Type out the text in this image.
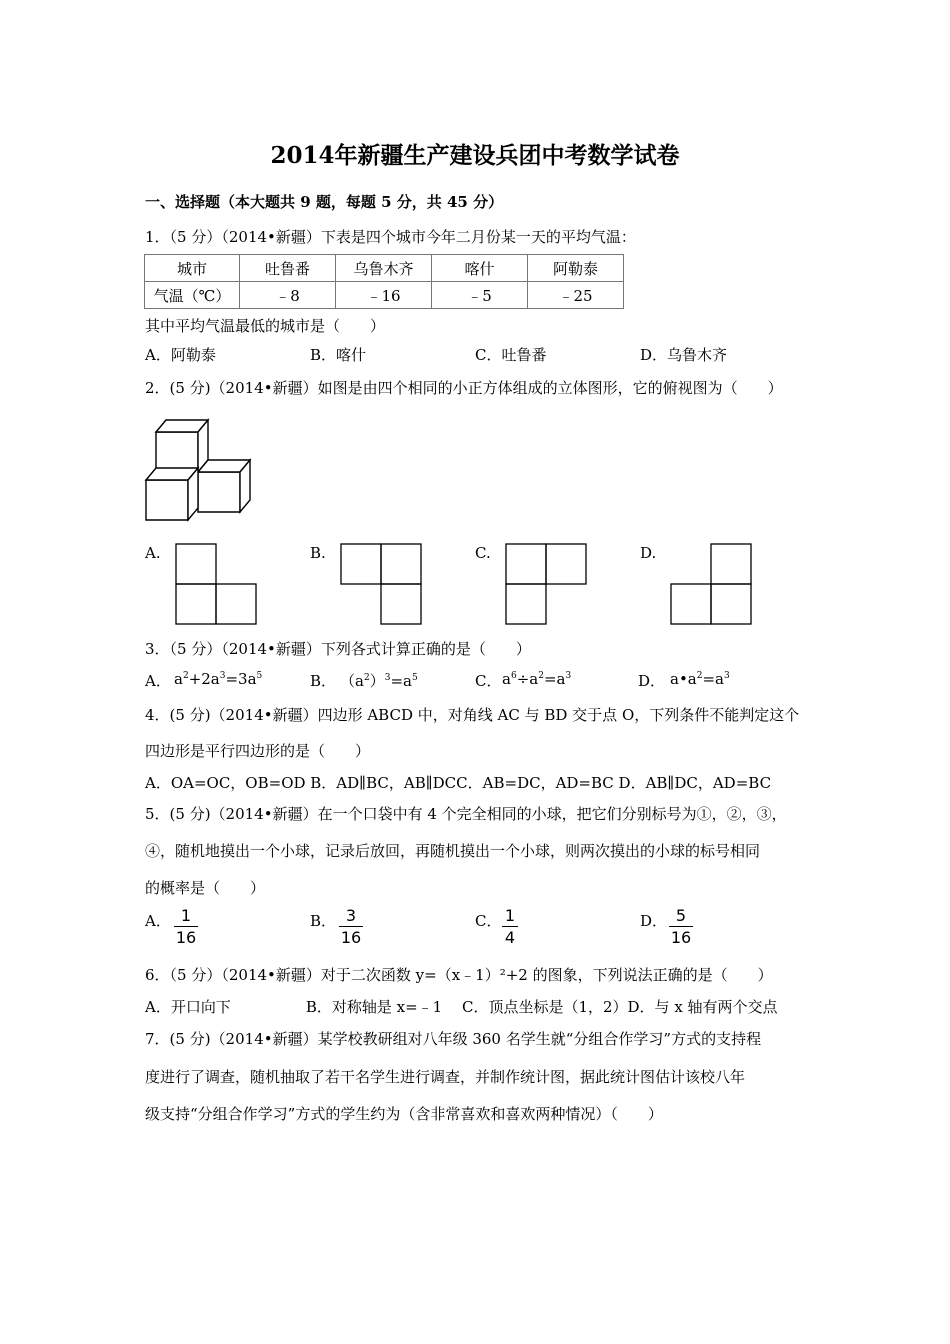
2014年新疆生产建设兵团中考数学试卷
一、选择题（本大题共 9 题，每题 5 分，共 45 分）
1．（5 分）（2014•新疆）下表是四个城市今年二月份某一天的平均气温：
城市	吐鲁番	乌鲁木齐	喀什	阿勒泰
气温（℃）	﹣8	﹣16	﹣5	﹣25
其中平均气温最低的城市是（　　）
A．阿勒泰	B．喀什	C．吐鲁番	D．乌鲁木齐
2．(5 分)（2014•新疆）如图是由四个相同的小正方体组成的立体图形，它的俯视图为（　　）
A.	B.	C.	D.
3．（5 分）（2014•新疆）下列各式计算正确的是（　　）
A． $a^2+2a^3=3a^5$	B． $(a^2)^3=a^5$	C． $a^6\div a^2=a^3$	D． $a•a^2=a^3$
4．(5 分)（2014•新疆）四边形 ABCD 中，对角线 AC 与 BD 交于点 O，下列条件不能判定这个
四边形是平行四边形的是（　　）
A．OA=OC，OB=OD B．AD∥BC，AB∥DCC．AB=DC，AD=BC D．AB∥DC，AD=BC
5．(5 分)（2014•新疆）在一个口袋中有 4 个完全相同的小球，把它们分别标号为①，②，③，
④，随机地摸出一个小球，记录后放回，再随机摸出一个小球，则两次摸出的小球的标号相同
的概率是（　　）
A． 1
16
B． 3
16
C． 1
4
D． 5
16
6．（5 分）（2014•新疆）对于二次函数 y=（x﹣1）²+2 的图象，下列说法正确的是（　　）
A．开口向下　　　　　B．对称轴是 x=﹣1　 C．顶点坐标是（1，2）D．与 x 轴有两个交点
7．(5 分)（2014•新疆）某学校教研组对八年级 360 名学生就“分组合作学习”方式的支持程
度进行了调查，随机抽取了若干名学生进行调查，并制作统计图，据此统计图估计该校八年
级支持“分组合作学习”方式的学生约为（含非常喜欢和喜欢两种情况）（　　）
